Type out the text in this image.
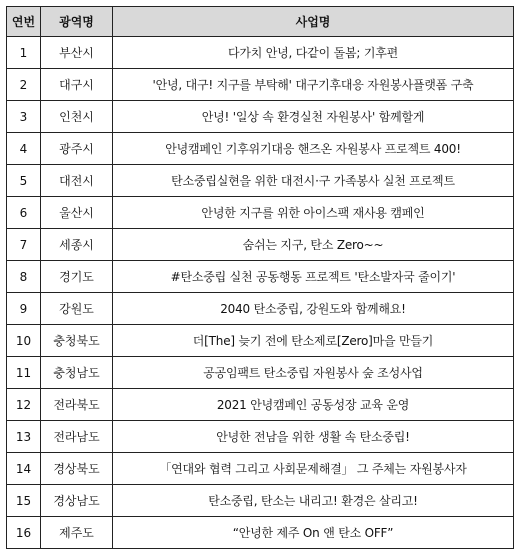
연번	광역명	사업명
1	부산시	다가치 안녕, 다같이 돌봄; 기후편
2	대구시	'안녕, 대구! 지구를 부탁해' 대구기후대응 자원봉사플랫폼 구축
3	인천시	안녕! '일상 속 환경실천 자원봉사' 함께할게
4	광주시	안녕캠페인 기후위기대응 핸즈온 자원봉사 프로젝트 400!
5	대전시	탄소중립실현을 위한 대전시·구 가족봉사 실천 프로젝트
6	울산시	안녕한 지구를 위한 아이스팩 재사용 캠페인
7	세종시	숨쉬는 지구, 탄소 Zero~~
8	경기도	#탄소중립 실천 공동행동 프로젝트 '탄소발자국 줄이기'
9	강원도	2040 탄소중립, 강원도와 함께해요!
10	충청북도	더[The] 늦기 전에 탄소제로[Zero]마을 만들기
11	충청남도	공공임팩트 탄소중립 자원봉사 숲 조성사업
12	전라북도	2021 안녕캠페인 공동성장 교육 운영
13	전라남도	안녕한 전남을 위한 생활 속 탄소중립!
14	경상북도	「연대와 협력 그리고 사회문제해결」 그 주체는 자원봉사자
15	경상남도	탄소중립, 탄소는 내리고! 환경은 살리고!
16	제주도	“안녕한 제주 On 앤 탄소 OFF”
